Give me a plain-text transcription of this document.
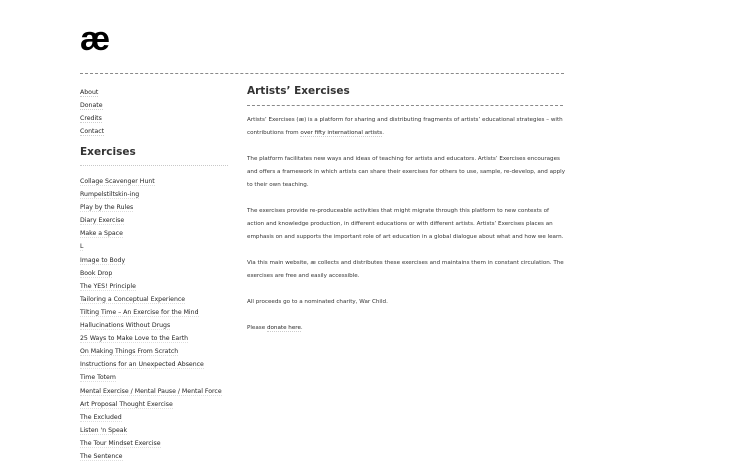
æ
About
Donate
Credits
Contact
Exercises
Collage Scavenger Hunt
Rumpelstiltskin-ing
Play by the Rules
Diary Exercise
Make a Space
L
Image to Body
Book Drop
The YES! Principle
Tailoring a Conceptual Experience
Tilting Time – An Exercise for the Mind
Hallucinations Without Drugs
25 Ways to Make Love to the Earth
On Making Things From Scratch
Instructions for an Unexpected Absence
Time Totem
Mental Exercise / Mental Pause / Mental Force
Art Proposal Thought Exercise
The Excluded
Listen 'n Speak
The Tour Mindset Exercise
The Sentence
Artists’ Exercises

Artists’ Exercises (æ) is a platform for sharing and distributing fragments of artists’ educational strategies – with contributions from over fifty international artists.

The platform facilitates new ways and ideas of teaching for artists and educators. Artists’ Exercises encourages and offers a framework in which artists can share their exercises for others to use, sample, re-develop, and apply to their own teaching.

The exercises provide re-produceable activities that might migrate through this platform to new contexts of action and knowledge production, in different educations or with different artists. Artists’ Exercises places an emphasis on and supports the important role of art education in a global dialogue about what and how we learn.

Via this main website, æ collects and distributes these exercises and maintains them in constant circulation. The exercises are free and easily accessible.

All proceeds go to a nominated charity, War Child.

Please donate here.
